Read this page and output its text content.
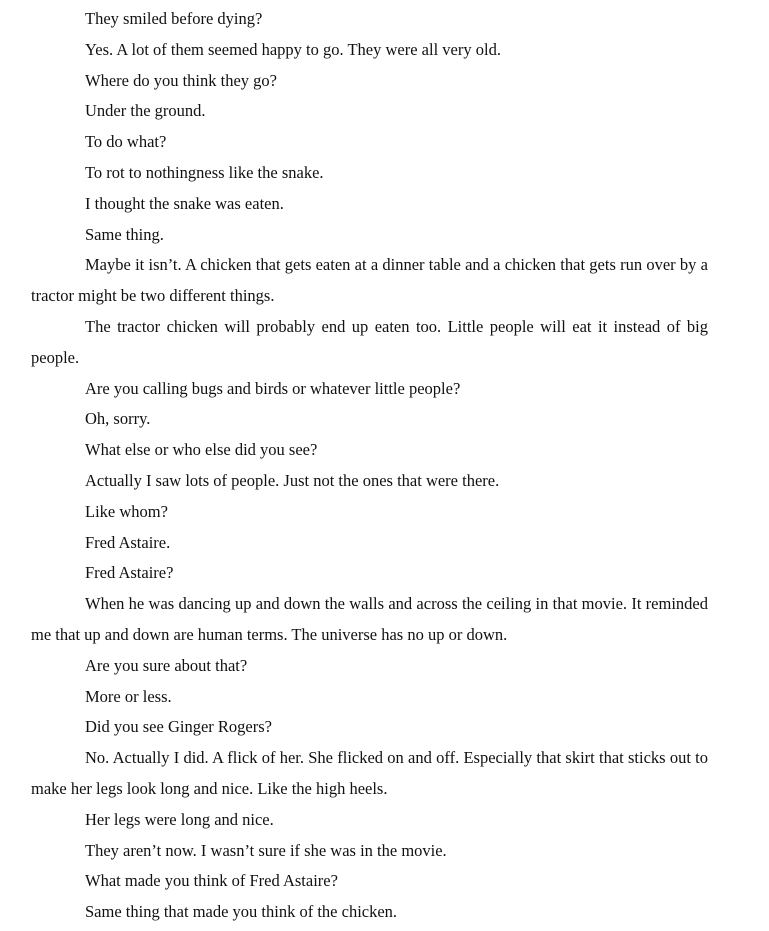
They smiled before dying?

Yes. A lot of them seemed happy to go. They were all very old.

Where do you think they go?

Under the ground.

To do what?

To rot to nothingness like the snake.

I thought the snake was eaten.

Same thing.

Maybe it isn’t. A chicken that gets eaten at a dinner table and a chicken that gets run over by a tractor might be two different things.

The tractor chicken will probably end up eaten too. Little people will eat it instead of big people.

Are you calling bugs and birds or whatever little people?

Oh, sorry.

What else or who else did you see?

Actually I saw lots of people. Just not the ones that were there.

Like whom?

Fred Astaire.

Fred Astaire?

When he was dancing up and down the walls and across the ceiling in that movie. It reminded me that up and down are human terms. The universe has no up or down.

Are you sure about that?

More or less.

Did you see Ginger Rogers?

No. Actually I did. A flick of her. She flicked on and off. Especially that skirt that sticks out to make her legs look long and nice. Like the high heels.

Her legs were long and nice.

They aren’t now. I wasn’t sure if she was in the movie.

What made you think of Fred Astaire?

Same thing that made you think of the chicken.
